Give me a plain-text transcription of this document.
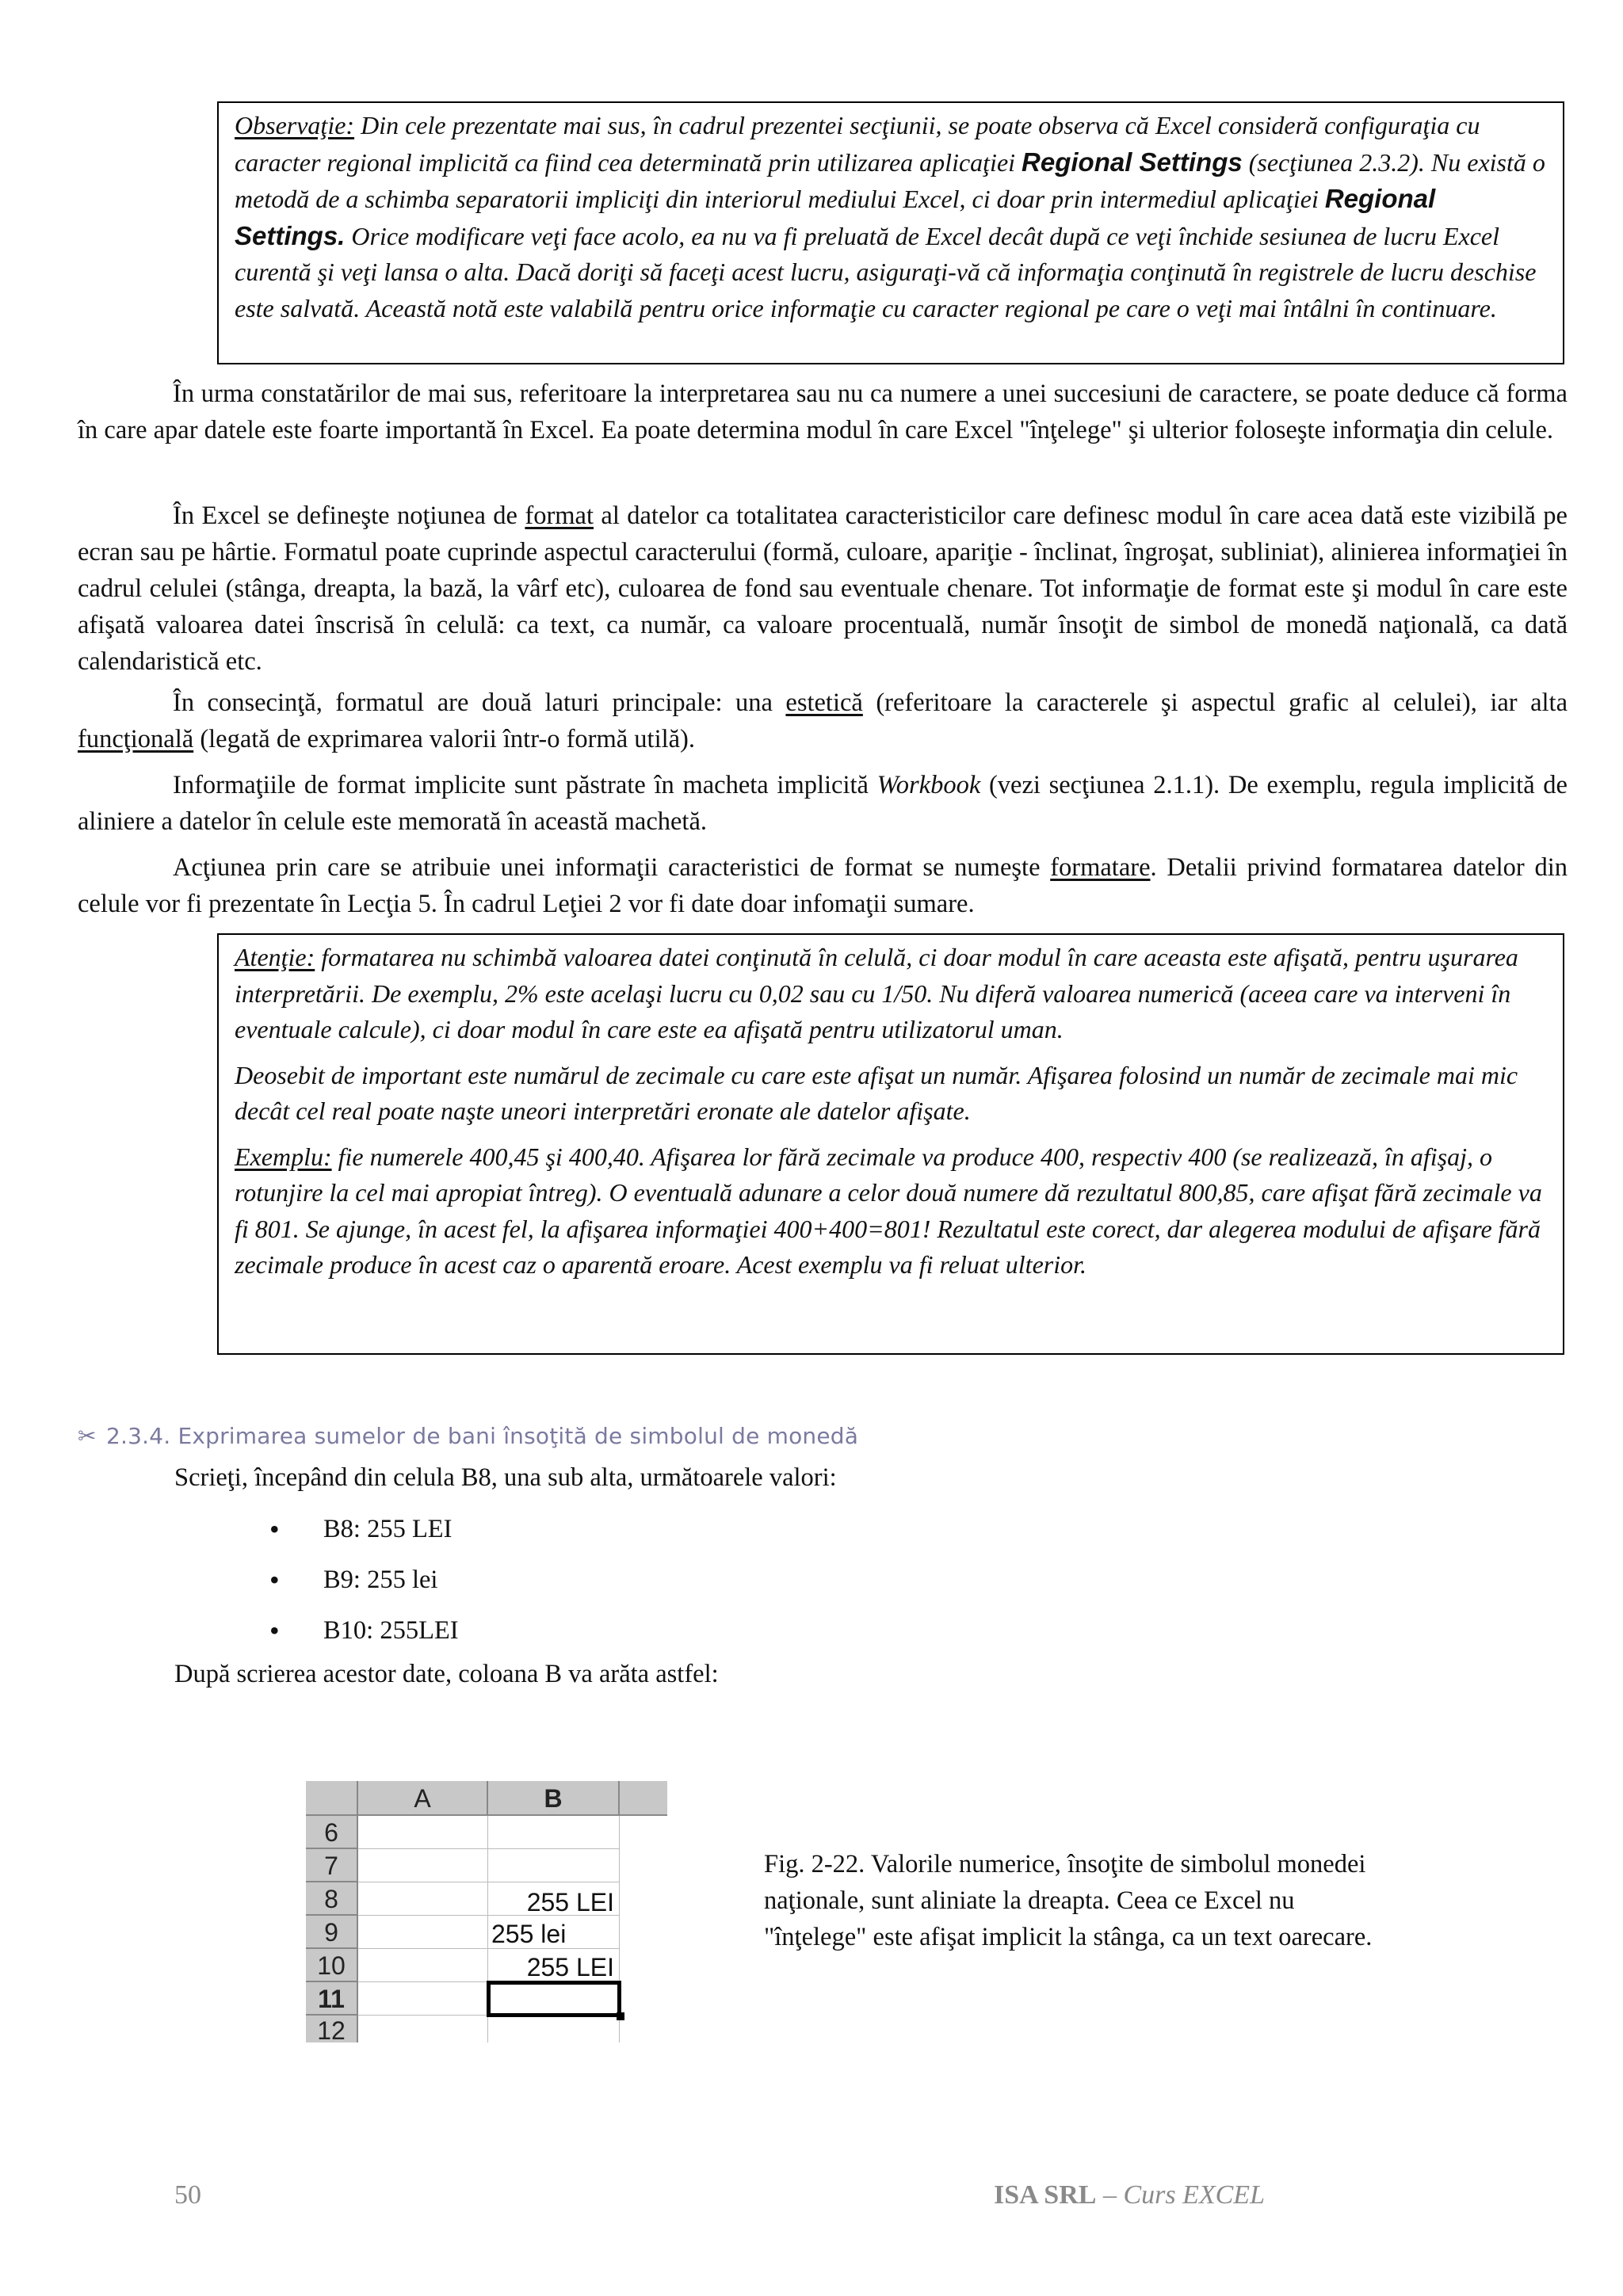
Observaţie: Din cele prezentate mai sus, în cadrul prezentei secţiunii, se poate observa că Excel consideră configuraţia cu caracter regional implicită ca fiind cea determinată prin utilizarea aplicaţiei Regional Settings (secţiunea 2.3.2). Nu există o metodă de a schimba separatorii impliciţi din interiorul mediului Excel, ci doar prin intermediul aplicaţiei Regional Settings. Orice modificare veţi face acolo, ea nu va fi preluată de Excel decât după ce veţi închide sesiunea de lucru Excel curentă şi veţi lansa o alta. Dacă doriţi să faceţi acest lucru, asiguraţi-vă că informaţia conţinută în registrele de lucru deschise este salvată. Această notă este valabilă pentru orice informaţie cu caracter regional pe care o veţi mai întâlni în continuare.

În urma constatărilor de mai sus, referitoare la interpretarea sau nu ca numere a unei succesiuni de caractere, se poate deduce că forma în care apar datele este foarte importantă în Excel. Ea poate determina modul în care Excel "înţelege" şi ulterior foloseşte informaţia din celule.

În Excel se defineşte noţiunea de format al datelor ca totalitatea caracteristicilor care definesc modul în care acea dată este vizibilă pe ecran sau pe hârtie. Formatul poate cuprinde aspectul caracterului (formă, culoare, apariţie - înclinat, îngroşat, subliniat), alinierea informaţiei în cadrul celulei (stânga, dreapta, la bază, la vârf etc), culoarea de fond sau eventuale chenare. Tot informaţie de format este şi modul în care este afişată valoarea datei înscrisă în celulă: ca text, ca număr, ca valoare procentuală, număr însoţit de simbol de monedă naţională, ca dată calendaristică etc.

În consecinţă, formatul are două laturi principale: una estetică (referitoare la caracterele şi aspectul grafic al celulei), iar alta funcţională (legată de exprimarea valorii într-o formă utilă).

Informaţiile de format implicite sunt păstrate în macheta implicită Workbook (vezi secţiunea 2.1.1). De exemplu, regula implicită de aliniere a datelor în celule este memorată în această machetă.

Acţiunea prin care se atribuie unei informaţii caracteristici de format se numeşte formatare. Detalii privind formatarea datelor din celule vor fi prezentate în Lecţia 5. În cadrul Leţiei 2 vor fi date doar infomaţii sumare.

Atenţie: formatarea nu schimbă valoarea datei conţinută în celulă, ci doar modul în care aceasta este afişată, pentru uşurarea interpretării. De exemplu, 2% este acelaşi lucru cu 0,02 sau cu 1/50. Nu diferă valoarea numerică (aceea care va interveni în eventuale calcule), ci doar modul în care este ea afişată pentru utilizatorul uman.

Deosebit de important este numărul de zecimale cu care este afişat un număr. Afişarea folosind un număr de zecimale mai mic decât cel real poate naşte uneori interpretări eronate ale datelor afişate.

Exemplu: fie numerele 400,45 şi 400,40. Afişarea lor fără zecimale va produce 400, respectiv 400 (se realizează, în afişaj, o rotunjire la cel mai apropiat întreg). O eventuală adunare a celor două numere dă rezultatul 800,85, care afişat fără zecimale va fi 801. Se ajunge, în acest fel, la afişarea informaţiei 400+400=801! Rezultatul este corect, dar alegerea modului de afişare fără zecimale produce în acest caz o aparentă eroare. Acest exemplu va fi reluat ulterior.

✂ 2.3.4. Exprimarea sumelor de bani însoţită de simbolul de monedă

Scrieţi, începând din celula B8, una sub alta, următoarele valori:

• B8: 255 LEI
• B9: 255 lei
• B10: 255LEI

După scrierea acestor date, coloana B va arăta astfel:

A	B
6
7
8
9
10
11
12
255 LEI
255 lei
255 LEI

Fig. 2-22. Valorile numerice, însoţite de simbolul monedei naţionale, sunt aliniate la dreapta. Ceea ce Excel nu "înţelege" este afişat implicit la stânga, ca un text oarecare.

50	ISA SRL – Curs EXCEL
